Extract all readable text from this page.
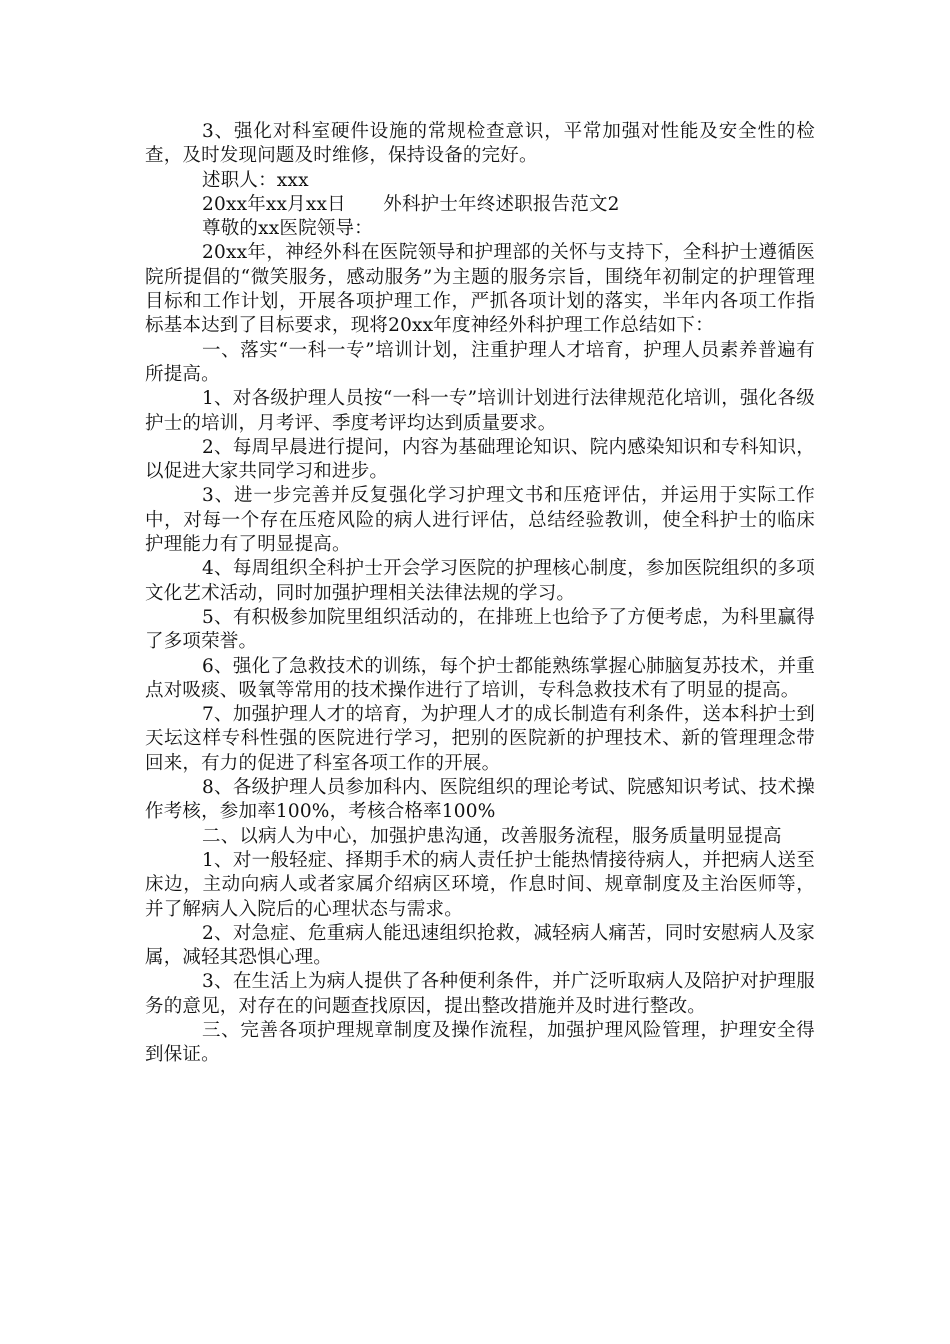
3、强化对科室硬件设施的常规检查意识，平常加强对性能及安全性的检查，及时发现问题及时维修，保持设备的完好。

述职人：xxx

20xx年xx月xx日　　外科护士年终述职报告范文2

尊敬的xx医院领导：

20xx年，神经外科在医院领导和护理部的关怀与支持下，全科护士遵循医院所提倡的“微笑服务，感动服务”为主题的服务宗旨，围绕年初制定的护理管理目标和工作计划，开展各项护理工作，严抓各项计划的落实，半年内各项工作指标基本达到了目标要求，现将20xx年度神经外科护理工作总结如下：

一、落实“一科一专”培训计划，注重护理人才培育，护理人员素养普遍有所提高。

1、对各级护理人员按“一科一专”培训计划进行法律规范化培训，强化各级护士的培训，月考评、季度考评均达到质量要求。

2、每周早晨进行提问，内容为基础理论知识、院内感染知识和专科知识，以促进大家共同学习和进步。

3、进一步完善并反复强化学习护理文书和压疮评估，并运用于实际工作中，对每一个存在压疮风险的病人进行评估，总结经验教训，使全科护士的临床护理能力有了明显提高。

4、每周组织全科护士开会学习医院的护理核心制度，参加医院组织的多项文化艺术活动，同时加强护理相关法律法规的学习。

5、有积极参加院里组织活动的，在排班上也给予了方便考虑，为科里赢得了多项荣誉。

6、强化了急救技术的训练，每个护士都能熟练掌握心肺脑复苏技术，并重点对吸痰、吸氧等常用的技术操作进行了培训，专科急救技术有了明显的提高。

7、加强护理人才的培育，为护理人才的成长制造有利条件，送本科护士到天坛这样专科性强的医院进行学习，把别的医院新的护理技术、新的管理理念带回来，有力的促进了科室各项工作的开展。

8、各级护理人员参加科内、医院组织的理论考试、院感知识考试、技术操作考核，参加率100%，考核合格率100%

二、以病人为中心，加强护患沟通，改善服务流程，服务质量明显提高

1、对一般轻症、择期手术的病人责任护士能热情接待病人，并把病人送至床边，主动向病人或者家属介绍病区环境，作息时间、规章制度及主治医师等，并了解病人入院后的心理状态与需求。

2、对急症、危重病人能迅速组织抢救，减轻病人痛苦，同时安慰病人及家属，减轻其恐惧心理。

3、在生活上为病人提供了各种便利条件，并广泛听取病人及陪护对护理服务的意见，对存在的问题查找原因，提出整改措施并及时进行整改。

三、完善各项护理规章制度及操作流程，加强护理风险管理，护理安全得到保证。
